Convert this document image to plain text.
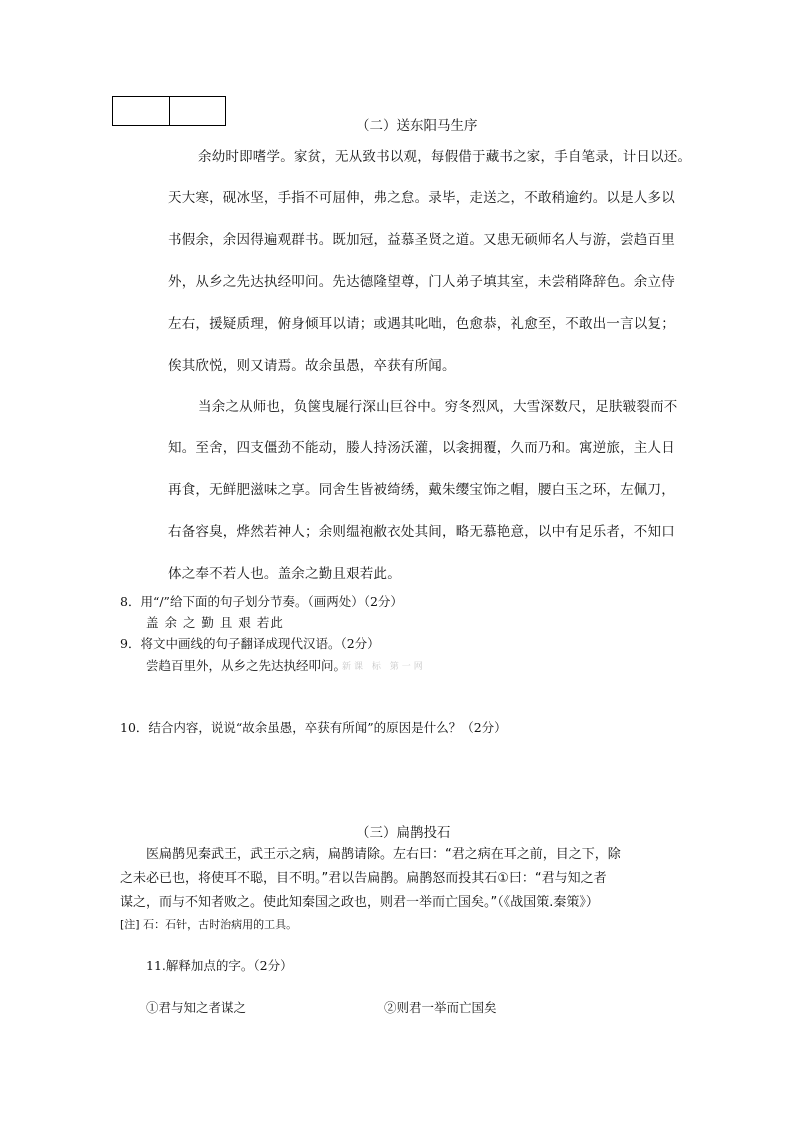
（二）送东阳马生序
余幼时即嗜学。家贫，无从致书以观，每假借于藏书之家，手自笔录，计日以还。
天大寒，砚冰坚，手指不可屈伸，弗之怠。录毕，走送之，不敢稍逾约。以是人多以
书假余，余因得遍观群书。既加冠，益慕圣贤之道。又患无硕师名人与游，尝趋百里
外，从乡之先达执经叩问。先达德隆望尊，门人弟子填其室，未尝稍降辞色。余立侍
左右，援疑质理，俯身倾耳以请；或遇其叱咄，色愈恭，礼愈至，不敢出一言以复；
俟其欣悦，则又请焉。故余虽愚，卒获有所闻。
当余之从师也，负箧曳屣行深山巨谷中。穷冬烈风，大雪深数尺，足肤皲裂而不
知。至舍，四支僵劲不能动，媵人持汤沃灌，以衾拥覆，久而乃和。寓逆旅，主人日
再食，无鲜肥滋味之享。同舍生皆被绮绣，戴朱缨宝饰之帽，腰白玉之环，左佩刀，
右备容臭，烨然若神人；余则缊袍敝衣处其间，略无慕艳意，以中有足乐者，不知口
体之奉不若人也。盖余之勤且艰若此。
8．用“/”给下面的句子划分节奏。（画两处）（2分）
盖 余 之 勤 且 艰 若此
9．将文中画线的句子翻译成现代汉语。（2分）
尝趋百里外，从乡之先达执经叩问。
新课 标 第一网
10．结合内容，说说“故余虽愚，卒获有所闻”的原因是什么？（2分）
（三）扁鹊投石
医扁鹊见秦武王，武王示之病，扁鹊请除。左右曰：“君之病在耳之前，目之下，除
之未必已也，将使耳不聪，目不明。”君以告扁鹊。扁鹊怒而投其石①曰：“君与知之者
谋之，而与不知者败之。使此知秦国之政也，则君一举而亡国矣。”（《战国策.秦策》）
[注] 石：石针，古时治病用的工具。
11.解释加点的字。（2分）
①君与知之者谋之	②则君一举而亡国矣
